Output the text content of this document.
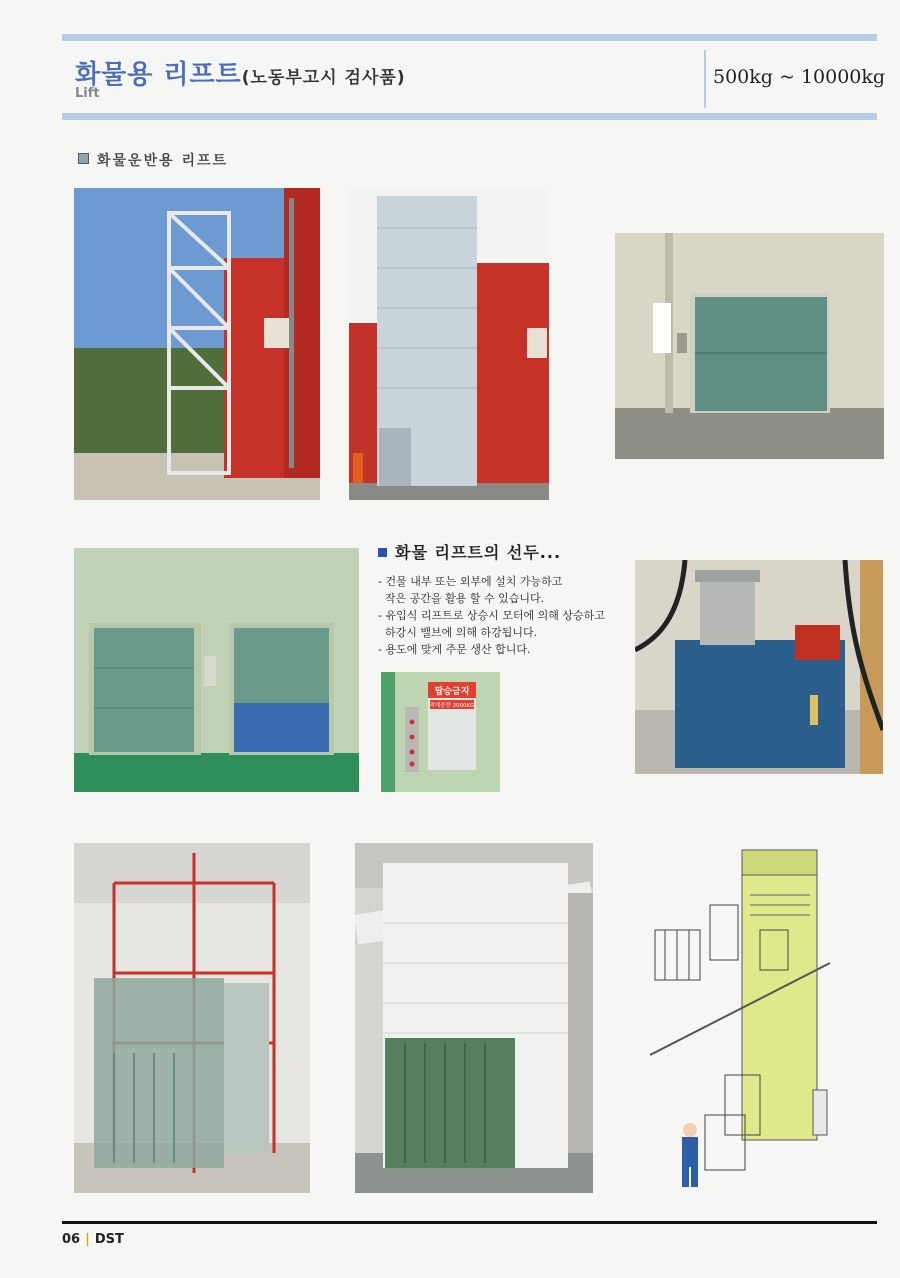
화물용 리프트(노동부고시 검사품)
Lift
500kg ~ 10000kg
화물운반용 리프트
화물 리프트의 선두...
- 건물 내부 또는 외부에 설치 가능하고
작은 공간을 활용 할 수 있습니다.
- 유입식 리프트로 상승시 모터에 의해 상승하고
하강시 밸브에 의해 하강됩니다.
- 용도에 맞게 주문 생산 합니다.
탑승금지
적재중량 2000KG
06 | DST
